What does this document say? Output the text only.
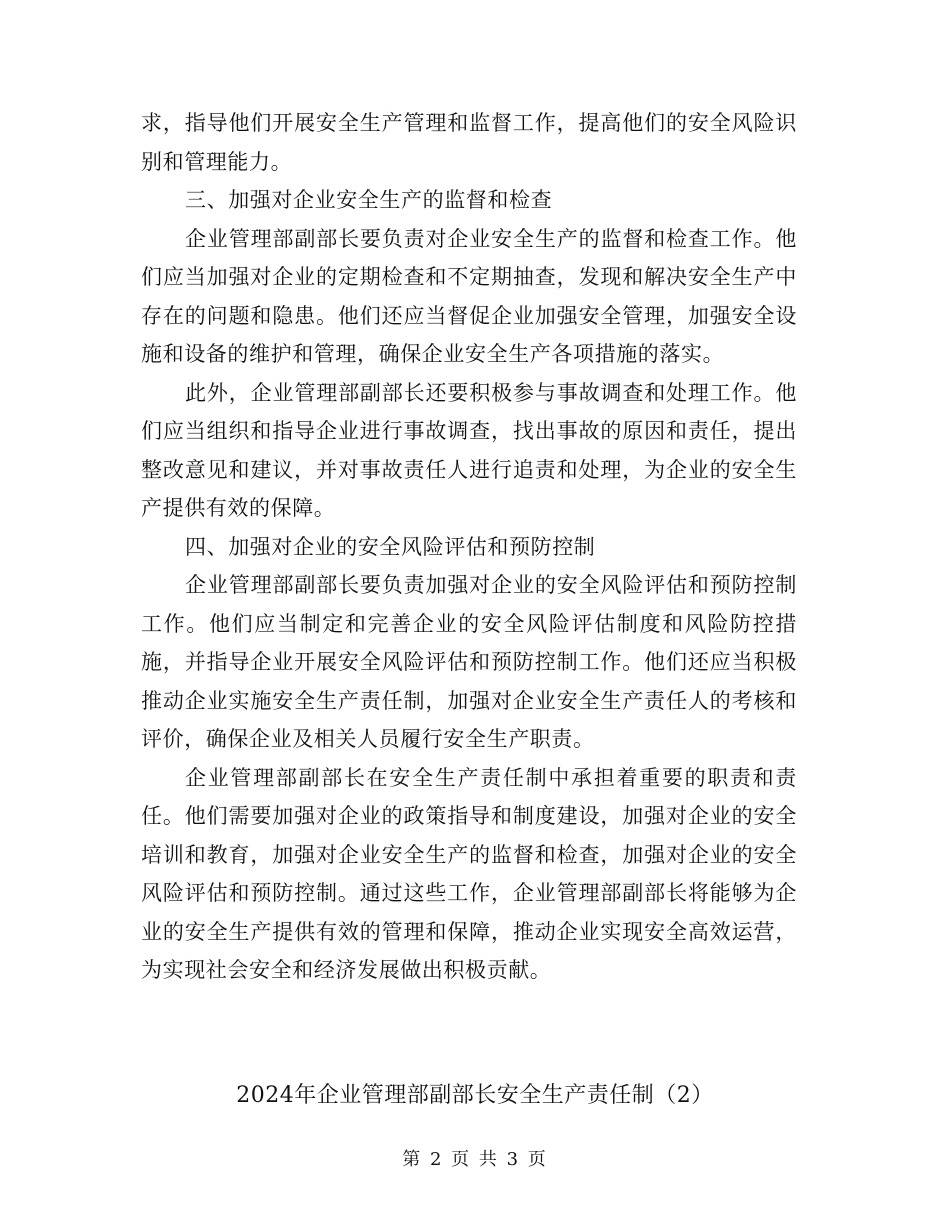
求，指导他们开展安全生产管理和监督工作，提高他们的安全风险识别和管理能力。

三、加强对企业安全生产的监督和检查

企业管理部副部长要负责对企业安全生产的监督和检查工作。他们应当加强对企业的定期检查和不定期抽查，发现和解决安全生产中存在的问题和隐患。他们还应当督促企业加强安全管理，加强安全设施和设备的维护和管理，确保企业安全生产各项措施的落实。

此外，企业管理部副部长还要积极参与事故调查和处理工作。他们应当组织和指导企业进行事故调查，找出事故的原因和责任，提出整改意见和建议，并对事故责任人进行追责和处理，为企业的安全生产提供有效的保障。

四、加强对企业的安全风险评估和预防控制

企业管理部副部长要负责加强对企业的安全风险评估和预防控制工作。他们应当制定和完善企业的安全风险评估制度和风险防控措施，并指导企业开展安全风险评估和预防控制工作。他们还应当积极推动企业实施安全生产责任制，加强对企业安全生产责任人的考核和评价，确保企业及相关人员履行安全生产职责。

企业管理部副部长在安全生产责任制中承担着重要的职责和责任。他们需要加强对企业的政策指导和制度建设，加强对企业的安全培训和教育，加强对企业安全生产的监督和检查，加强对企业的安全风险评估和预防控制。通过这些工作，企业管理部副部长将能够为企业的安全生产提供有效的管理和保障，推动企业实现安全高效运营，为实现社会安全和经济发展做出积极贡献。

2024年企业管理部副部长安全生产责任制（2）
第 2 页 共 3 页
